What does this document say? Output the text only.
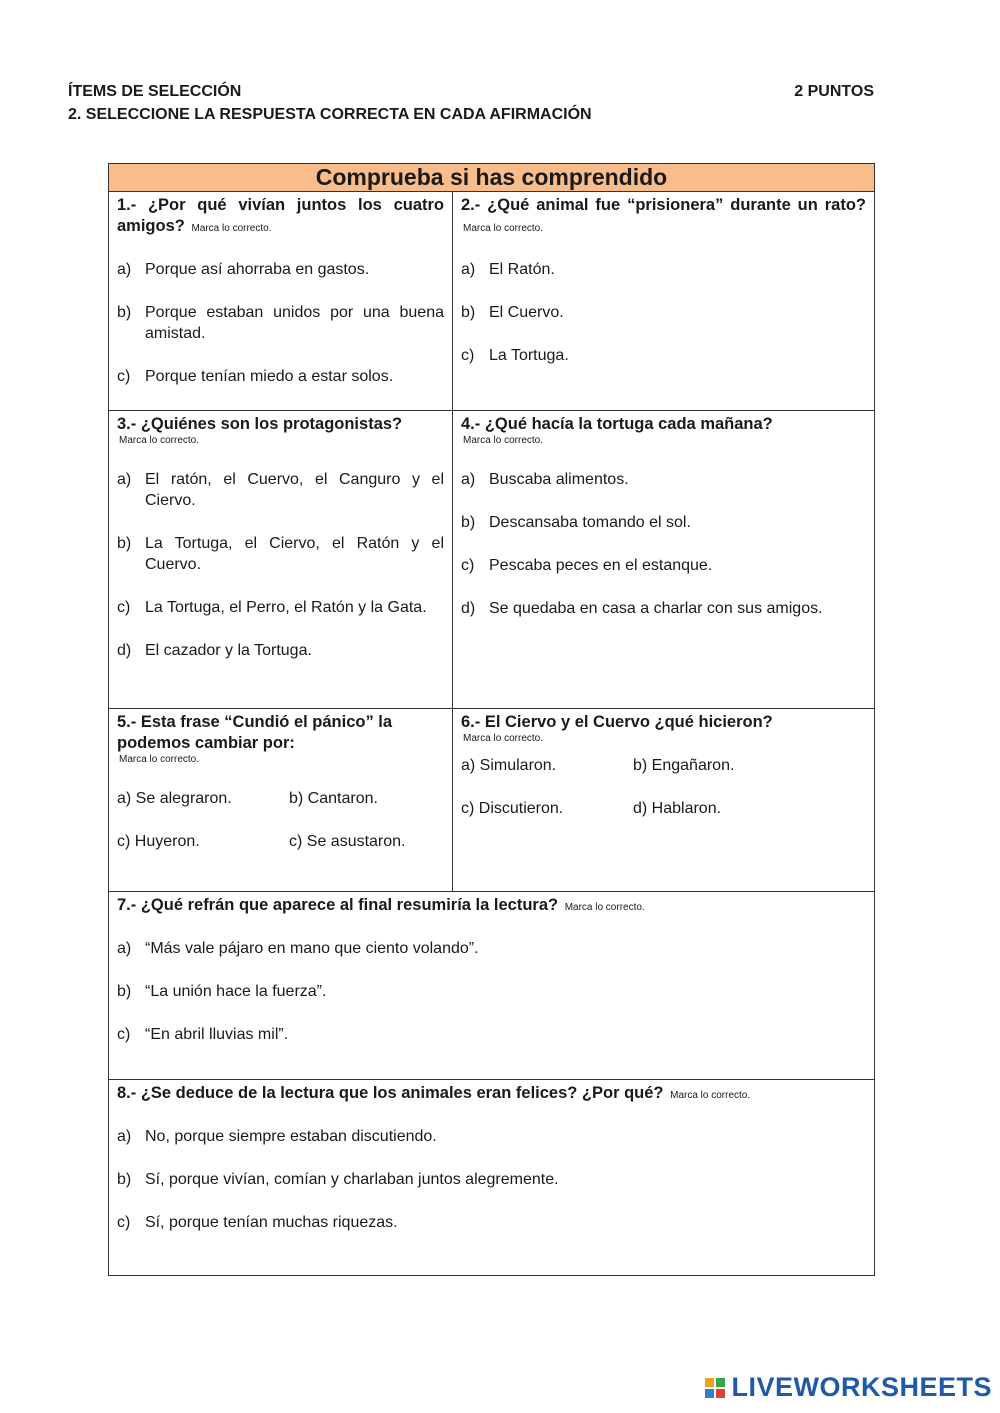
ÍTEMS DE SELECCIÓN	2 PUNTOS
2. SELECCIONE LA RESPUESTA CORRECTA EN CADA AFIRMACIÓN
Comprueba si has comprendido
1.- ¿Por qué vivían juntos los cuatro amigos? Marca lo correcto.
a) Porque así ahorraba en gastos.
b) Porque estaban unidos por una buena amistad.
c) Porque tenían miedo a estar solos.
2.- ¿Qué animal fue “prisionera” durante un rato? Marca lo correcto.
a) El Ratón.
b) El Cuervo.
c) La Tortuga.
3.- ¿Quiénes son los protagonistas?
Marca lo correcto.
a) El ratón, el Cuervo, el Canguro y el Ciervo.
b) La Tortuga, el Ciervo, el Ratón y el Cuervo.
c) La Tortuga, el Perro, el Ratón y la Gata.
d) El cazador y la Tortuga.
4.- ¿Qué hacía la tortuga cada mañana?
Marca lo correcto.
a) Buscaba alimentos.
b) Descansaba tomando el sol.
c) Pescaba peces en el estanque.
d) Se quedaba en casa a charlar con sus amigos.
5.- Esta frase “Cundió el pánico” la podemos cambiar por:
Marca lo correcto.
a) Se alegraron.	b) Cantaron.
c) Huyeron.	c) Se asustaron.
6.- El Ciervo y el Cuervo ¿qué hicieron?
Marca lo correcto.
a) Simularon.	b) Engañaron.
c) Discutieron.	d) Hablaron.
7.- ¿Qué refrán que aparece al final resumiría la lectura? Marca lo correcto.
a) “Más vale pájaro en mano que ciento volando”.
b) “La unión hace la fuerza”.
c) “En abril lluvias mil”.
8.- ¿Se deduce de la lectura que los animales eran felices? ¿Por qué? Marca lo correcto.
a) No, porque siempre estaban discutiendo.
b) Sí, porque vivían, comían y charlaban juntos alegremente.
c) Sí, porque tenían muchas riquezas.
LIVEWORKSHEETS
